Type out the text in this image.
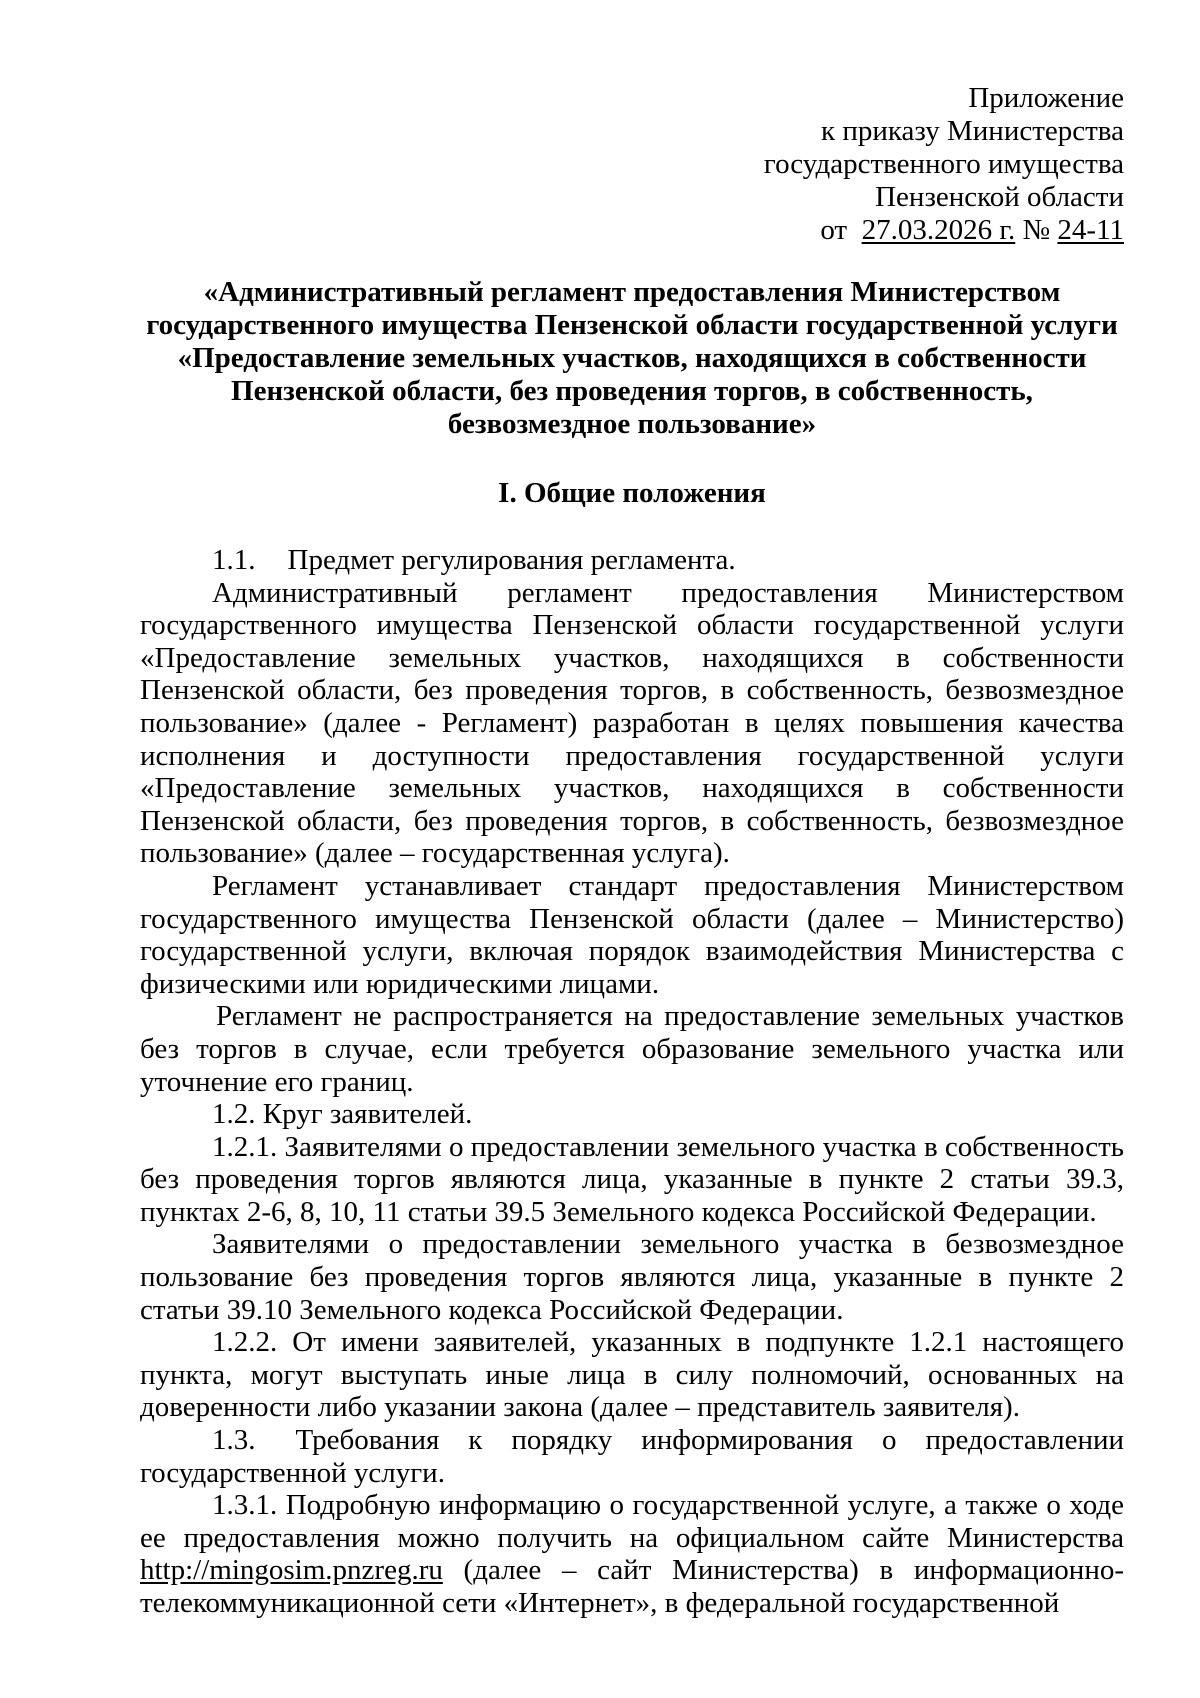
Приложение
к приказу Министерства
государственного имущества
Пензенской области
от 27.03.2026 г. № 24-11
«Административный регламент предоставления Министерством
государственного имущества Пензенской области государственной услуги
«Предоставление земельных участков, находящихся в собственности
Пензенской области, без проведения торгов, в собственность,
безвозмездное пользование»
I. Общие положения

1.1. Предмет регулирования регламента.

Административный регламент предоставления Министерством государственного имущества Пензенской области государственной услуги «Предоставление земельных участков, находящихся в собственности Пензенской области, без проведения торгов, в собственность, безвозмездное пользование» (далее - Регламент) разработан в целях повышения качества исполнения и доступности предоставления государственной услуги «Предоставление земельных участков, находящихся в собственности Пензенской области, без проведения торгов, в собственность, безвозмездное пользование» (далее – государственная услуга).

Регламент устанавливает стандарт предоставления Министерством государственного имущества Пензенской области (далее – Министерство) государственной услуги, включая порядок взаимодействия Министерства с физическими или юридическими лицами.

Регламент не распространяется на предоставление земельных участков без торгов в случае, если требуется образование земельного участка или уточнение его границ.

1.2. Круг заявителей.

1.2.1. Заявителями о предоставлении земельного участка в собственность без проведения торгов являются лица, указанные в пункте 2 статьи 39.3, пунктах 2-6, 8, 10, 11 статьи 39.5 Земельного кодекса Российской Федерации.

Заявителями о предоставлении земельного участка в безвозмездное пользование без проведения торгов являются лица, указанные в пункте 2 статьи 39.10 Земельного кодекса Российской Федерации.

1.2.2. От имени заявителей, указанных в подпункте 1.2.1 настоящего пункта, могут выступать иные лица в силу полномочий, основанных на доверенности либо указании закона (далее – представитель заявителя).

1.3. Требования к порядку информирования о предоставлении государственной услуги.

1.3.1. Подробную информацию о государственной услуге, а также о ходе ее предоставления можно получить на официальном сайте Министерства http://mingosim.pnzreg.ru (далее – сайт Министерства) в информационно-телекоммуникационной сети «Интернет», в федеральной государственной
